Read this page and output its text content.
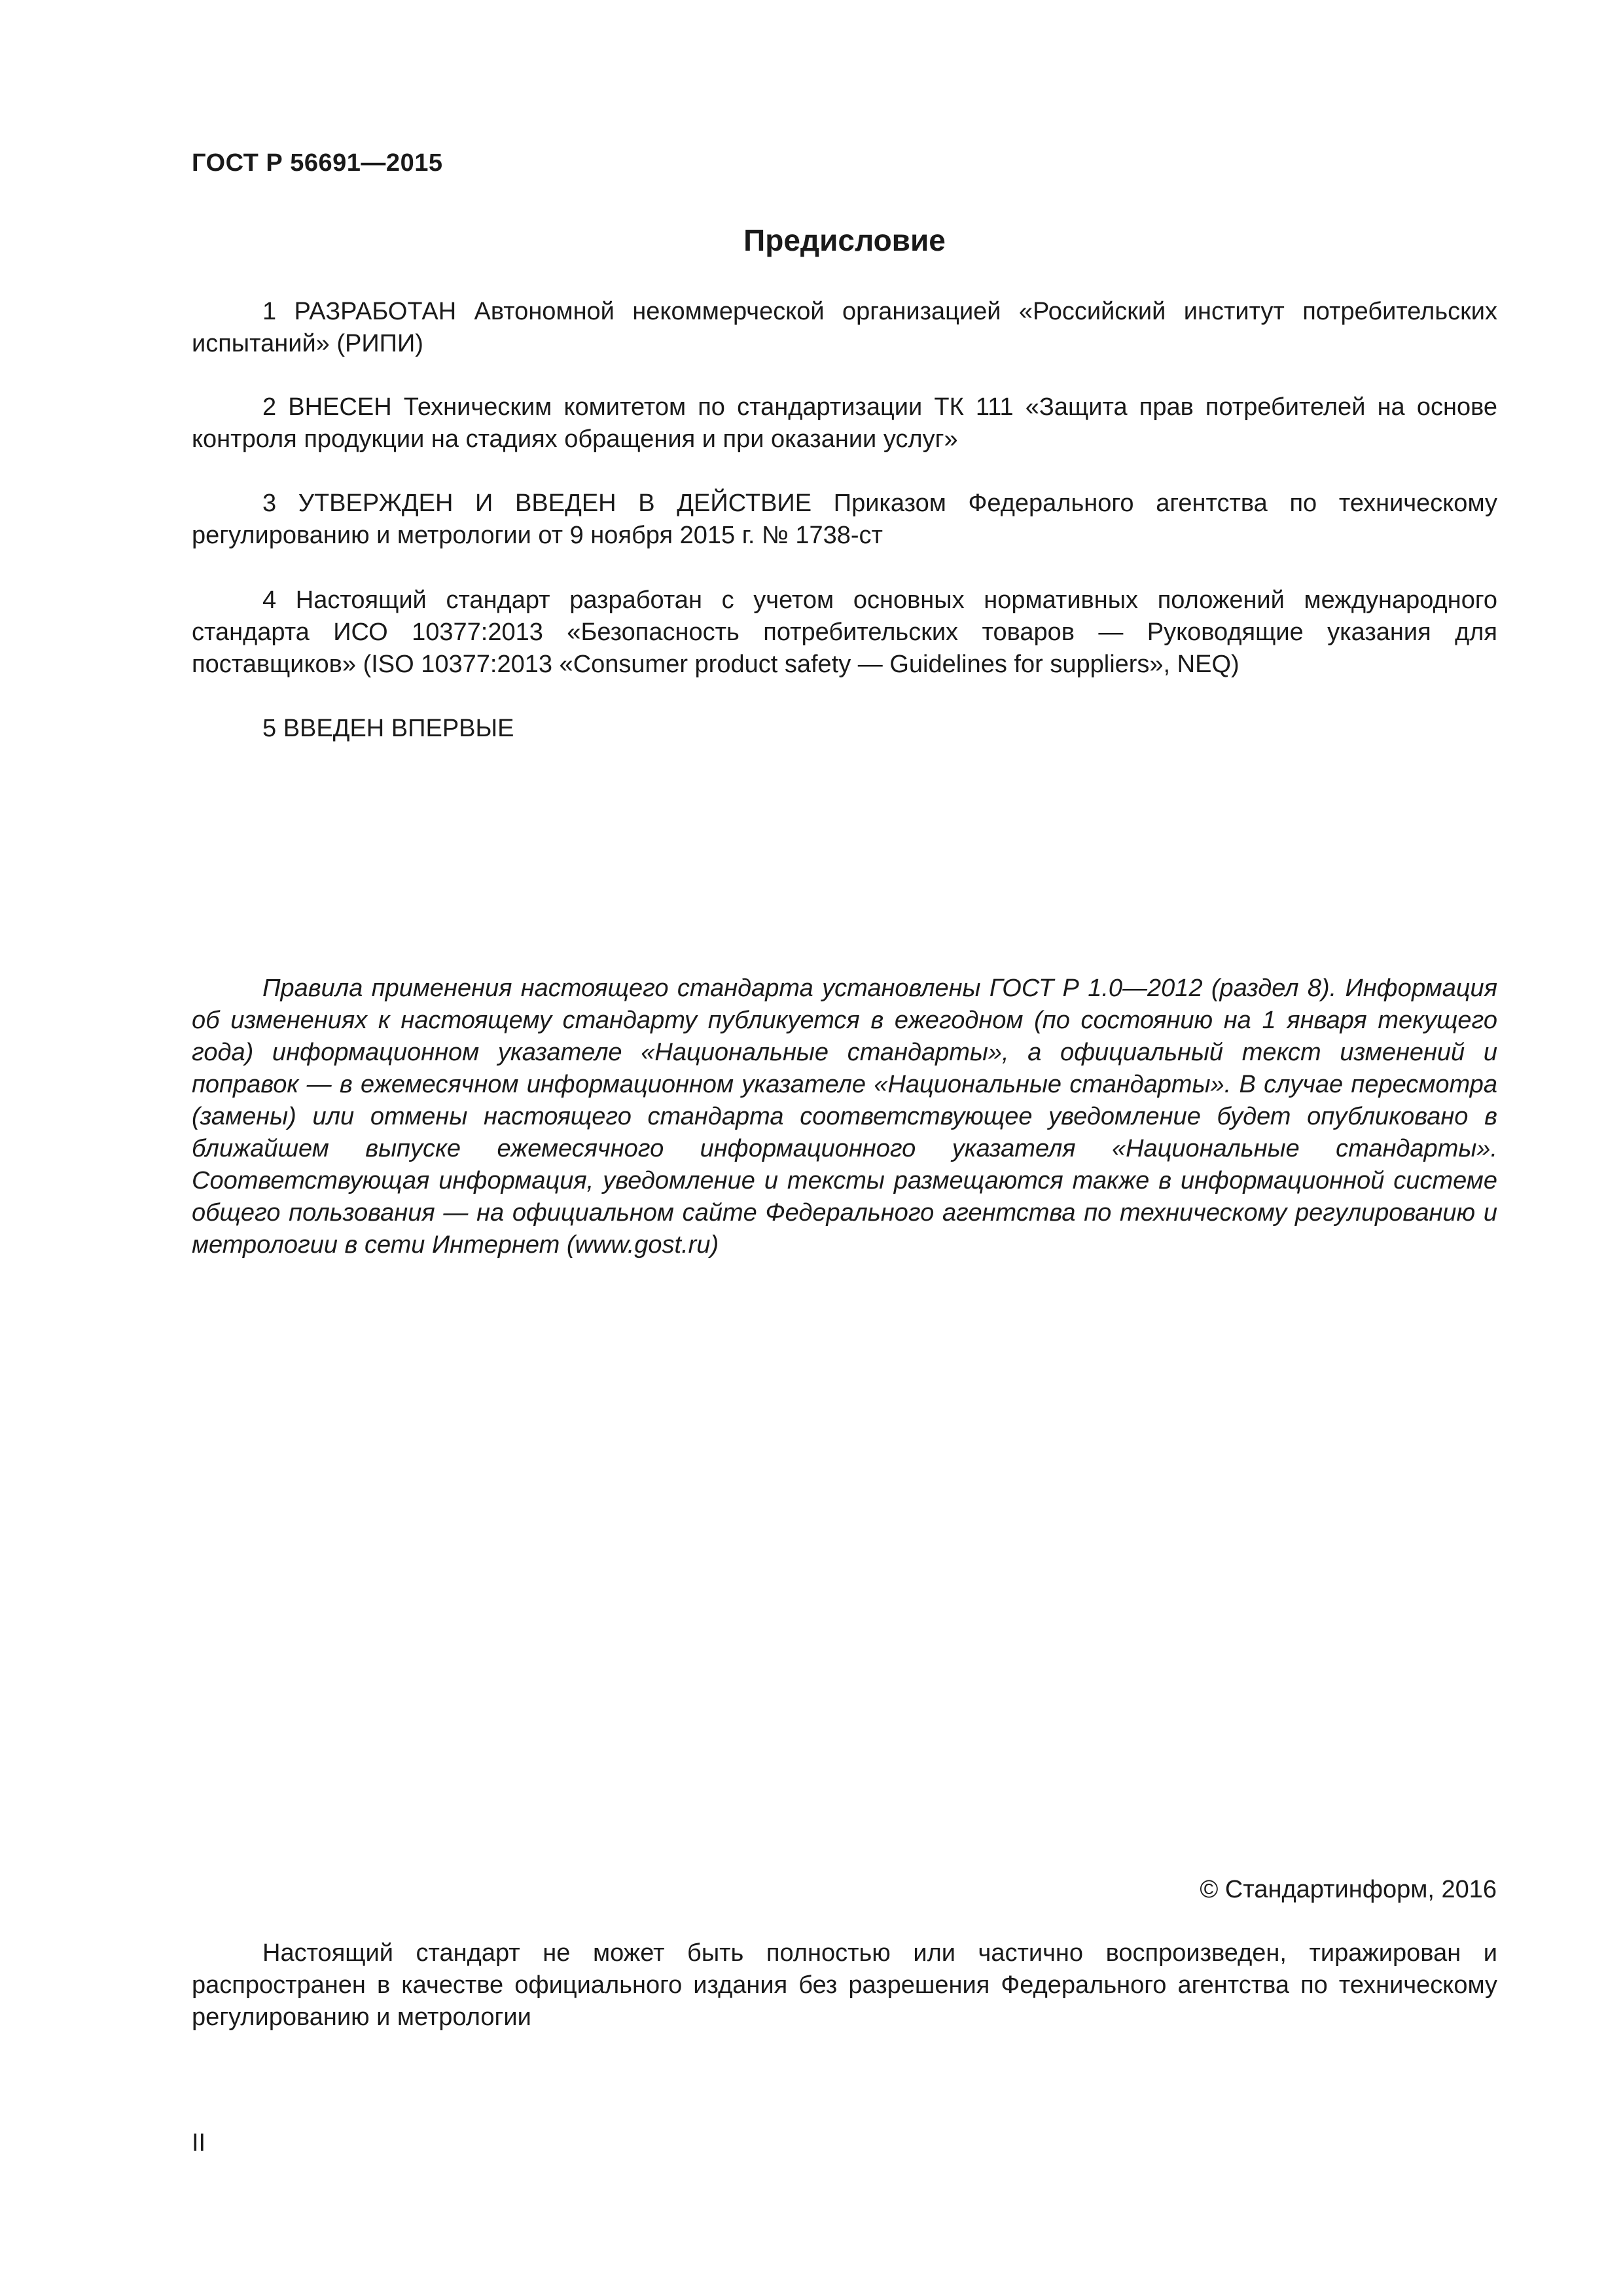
ГОСТ Р 56691—2015
Предисловие

1 РАЗРАБОТАН Автономной некоммерческой организацией «Российский институт потребительских испытаний» (РИПИ)

2 ВНЕСЕН Техническим комитетом по стандартизации ТК 111 «Защита прав потребителей на основе контроля продукции на стадиях обращения и при оказании услуг»

3 УТВЕРЖДЕН И ВВЕДЕН В ДЕЙСТВИЕ Приказом Федерального агентства по техническому регулированию и метрологии от 9 ноября 2015 г. № 1738-ст

4 Настоящий стандарт разработан с учетом основных нормативных положений международного стандарта ИСО 10377:2013 «Безопасность потребительских товаров — Руководящие указания для поставщиков» (ISO 10377:2013 «Consumer product safety — Guidelines for suppliers», NEQ)

5 ВВЕДЕН ВПЕРВЫЕ

Правила применения настоящего стандарта установлены ГОСТ Р 1.0—2012 (раздел 8). Информация об изменениях к настоящему стандарту публикуется в ежегодном (по состоянию на 1 января текущего года) информационном указателе «Национальные стандарты», а официальный текст изменений и поправок — в ежемесячном информационном указателе «Национальные стандарты». В случае пересмотра (замены) или отмены настоящего стандарта соответствующее уведомление будет опубликовано в ближайшем выпуске ежемесячного информационного указателя «Национальные стандарты». Соответствующая информация, уведомление и тексты размещаются также в информационной системе общего пользования — на официальном сайте Федерального агентства по техническому регулированию и метрологии в сети Интернет (www.gost.ru)

© Стандартинформ, 2016

Настоящий стандарт не может быть полностью или частично воспроизведен, тиражирован и распространен в качестве официального издания без разрешения Федерального агентства по техническому регулированию и метрологии

II
